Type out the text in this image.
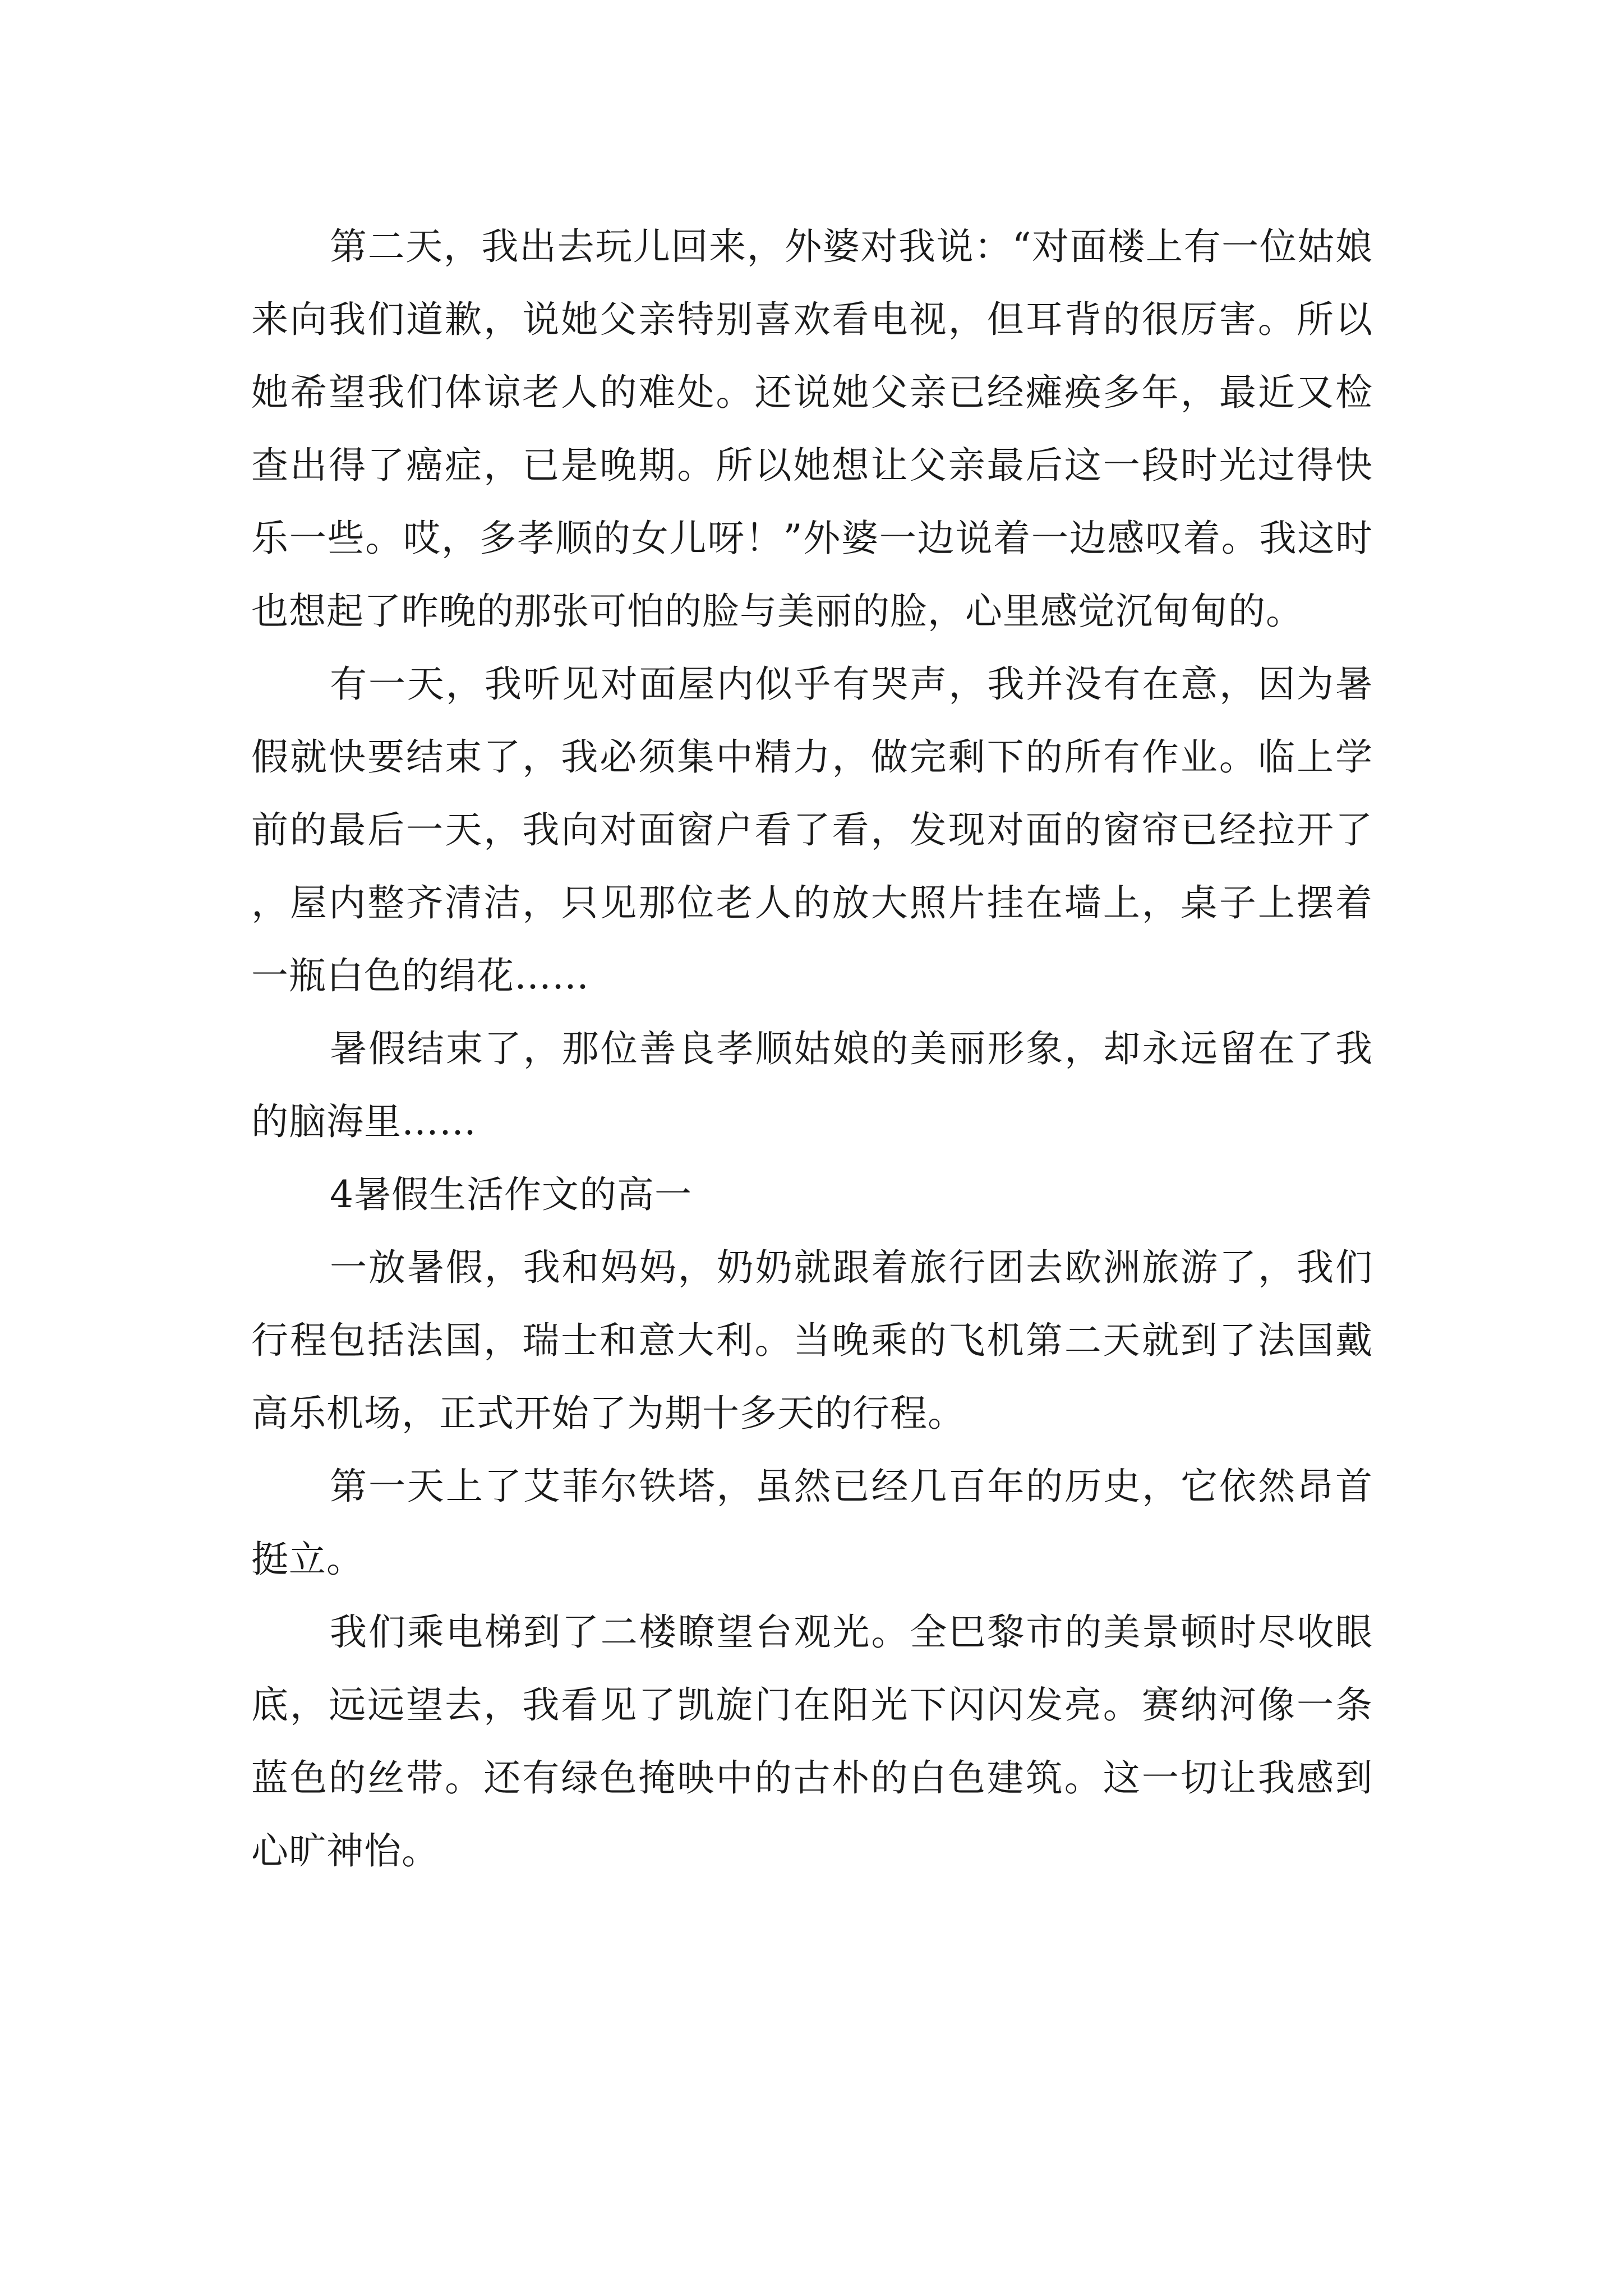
第二天，我出去玩儿回来，外婆对我说：“对面楼上有一位姑娘来向我们道歉，说她父亲特别喜欢看电视，但耳背的很厉害。所以她希望我们体谅老人的难处。还说她父亲已经瘫痪多年，最近又检查出得了癌症，已是晚期。所以她想让父亲最后这一段时光过得快乐一些。哎，多孝顺的女儿呀！”外婆一边说着一边感叹着。我这时也想起了昨晚的那张可怕的脸与美丽的脸，心里感觉沉甸甸的。

有一天，我听见对面屋内似乎有哭声，我并没有在意，因为暑假就快要结束了，我必须集中精力，做完剩下的所有作业。临上学前的最后一天，我向对面窗户看了看，发现对面的窗帘已经拉开了，屋内整齐清洁，只见那位老人的放大照片挂在墙上，桌子上摆着一瓶白色的绢花……

暑假结束了，那位善良孝顺姑娘的美丽形象，却永远留在了我的脑海里……

4暑假生活作文的高一

一放暑假，我和妈妈，奶奶就跟着旅行团去欧洲旅游了，我们行程包括法国，瑞士和意大利。当晚乘的飞机第二天就到了法国戴高乐机场，正式开始了为期十多天的行程。

第一天上了艾菲尔铁塔，虽然已经几百年的历史，它依然昂首挺立。

我们乘电梯到了二楼瞭望台观光。全巴黎市的美景顿时尽收眼底，远远望去，我看见了凯旋门在阳光下闪闪发亮。赛纳河像一条蓝色的丝带。还有绿色掩映中的古朴的白色建筑。这一切让我感到心旷神怡。
